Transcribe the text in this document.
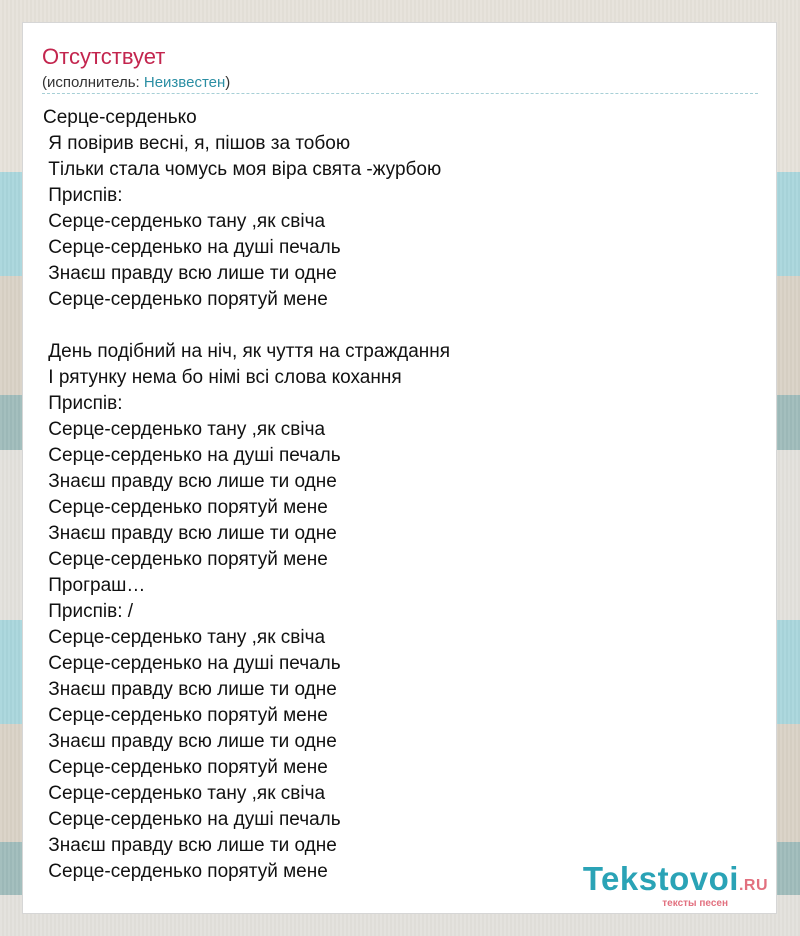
Отсутствует
(исполнитель: Неизвестен)
Серце-серденько
Я повірив весні, я, пішов за тобою
Тільки стала чомусь моя віра свята -журбою
Приспів:
Серце-серденько тану ,як свіча
Серце-серденько на душі печаль
Знаєш правду всю лише ти одне
Серце-серденько порятуй мене
День подібний на ніч, як чуття на страждання
І рятунку нема бо німі всі слова кохання
Приспів:
Серце-серденько тану ,як свіча
Серце-серденько на душі печаль
Знаєш правду всю лише ти одне
Серце-серденько порятуй мене
Знаєш правду всю лише ти одне
Серце-серденько порятуй мене
Програш…
Приспів: /
Серце-серденько тану ,як свіча
Серце-серденько на душі печаль
Знаєш правду всю лише ти одне
Серце-серденько порятуй мене
Знаєш правду всю лише ти одне
Серце-серденько порятуй мене
Серце-серденько тану ,як свіча
Серце-серденько на душі печаль
Знаєш правду всю лише ти одне
Серце-серденько порятуй мене	Tekstovoi.RU
тексты песен
